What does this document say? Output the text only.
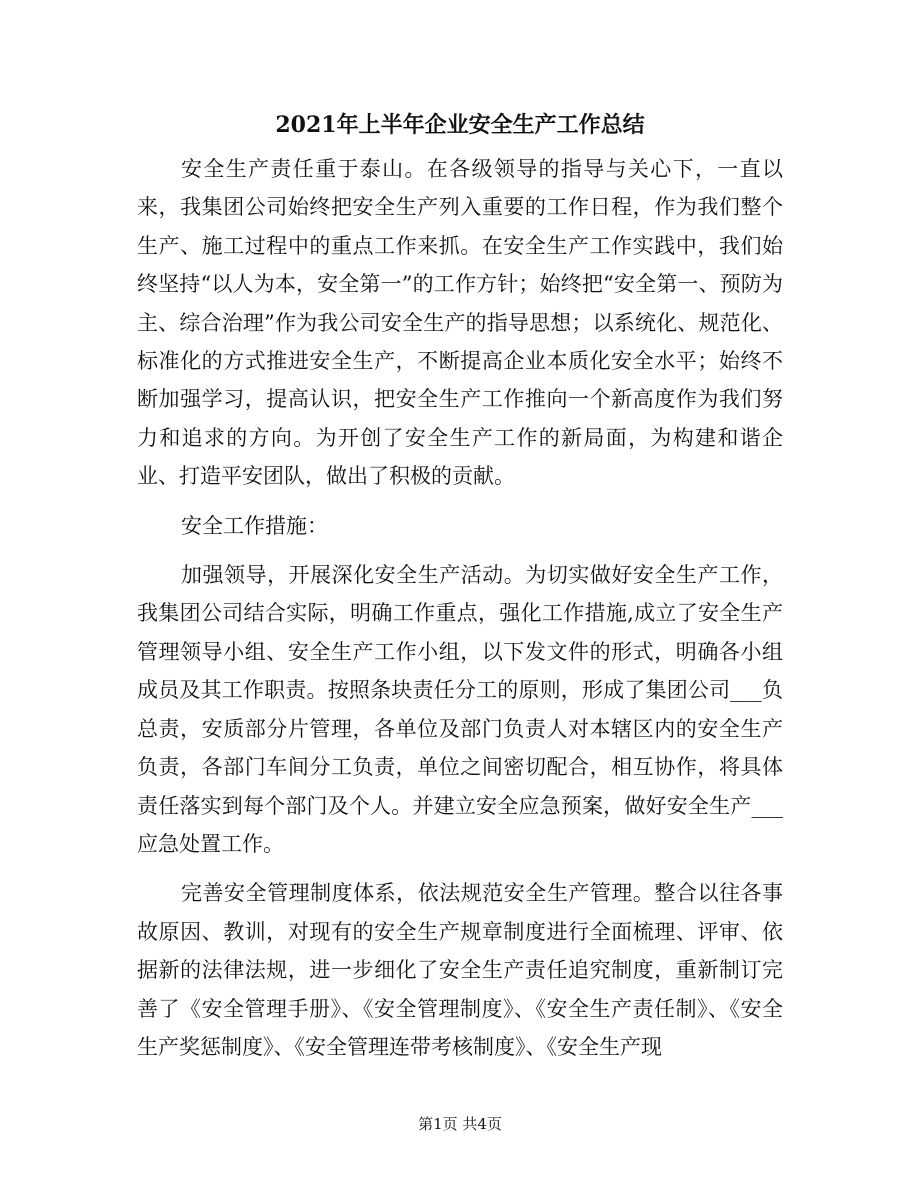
2021年上半年企业安全生产工作总结

安全生产责任重于泰山。在各级领导的指导与关心下，一直以来，我集团公司始终把安全生产列入重要的工作日程，作为我们整个生产、施工过程中的重点工作来抓。在安全生产工作实践中，我们始终坚持“以人为本，安全第一”的工作方针；始终把“安全第一、预防为主、综合治理”作为我公司安全生产的指导思想；以系统化、规范化、标准化的方式推进安全生产，不断提高企业本质化安全水平；始终不断加强学习，提高认识，把安全生产工作推向一个新高度作为我们努力和追求的方向。为开创了安全生产工作的新局面，为构建和谐企业、打造平安团队，做出了积极的贡献。

安全工作措施：

加强领导，开展深化安全生产活动。为切实做好安全生产工作，我集团公司结合实际，明确工作重点，强化工作措施,成立了安全生产管理领导小组、安全生产工作小组，以下发文件的形式，明确各小组成员及其工作职责。按照条块责任分工的原则，形成了集团公司___负总责，安质部分片管理，各单位及部门负责人对本辖区内的安全生产负责，各部门车间分工负责，单位之间密切配合，相互协作，将具体责任落实到每个部门及个人。并建立安全应急预案，做好安全生产___应急处置工作。

完善安全管理制度体系，依法规范安全生产管理。整合以往各事故原因、教训，对现有的安全生产规章制度进行全面梳理、评审、依据新的法律法规，进一步细化了安全生产责任追究制度，重新制订完善了《安全管理手册》、《安全管理制度》、《安全生产责任制》、《安全生产奖惩制度》、《安全管理连带考核制度》、《安全生产现

第1页 共4页
